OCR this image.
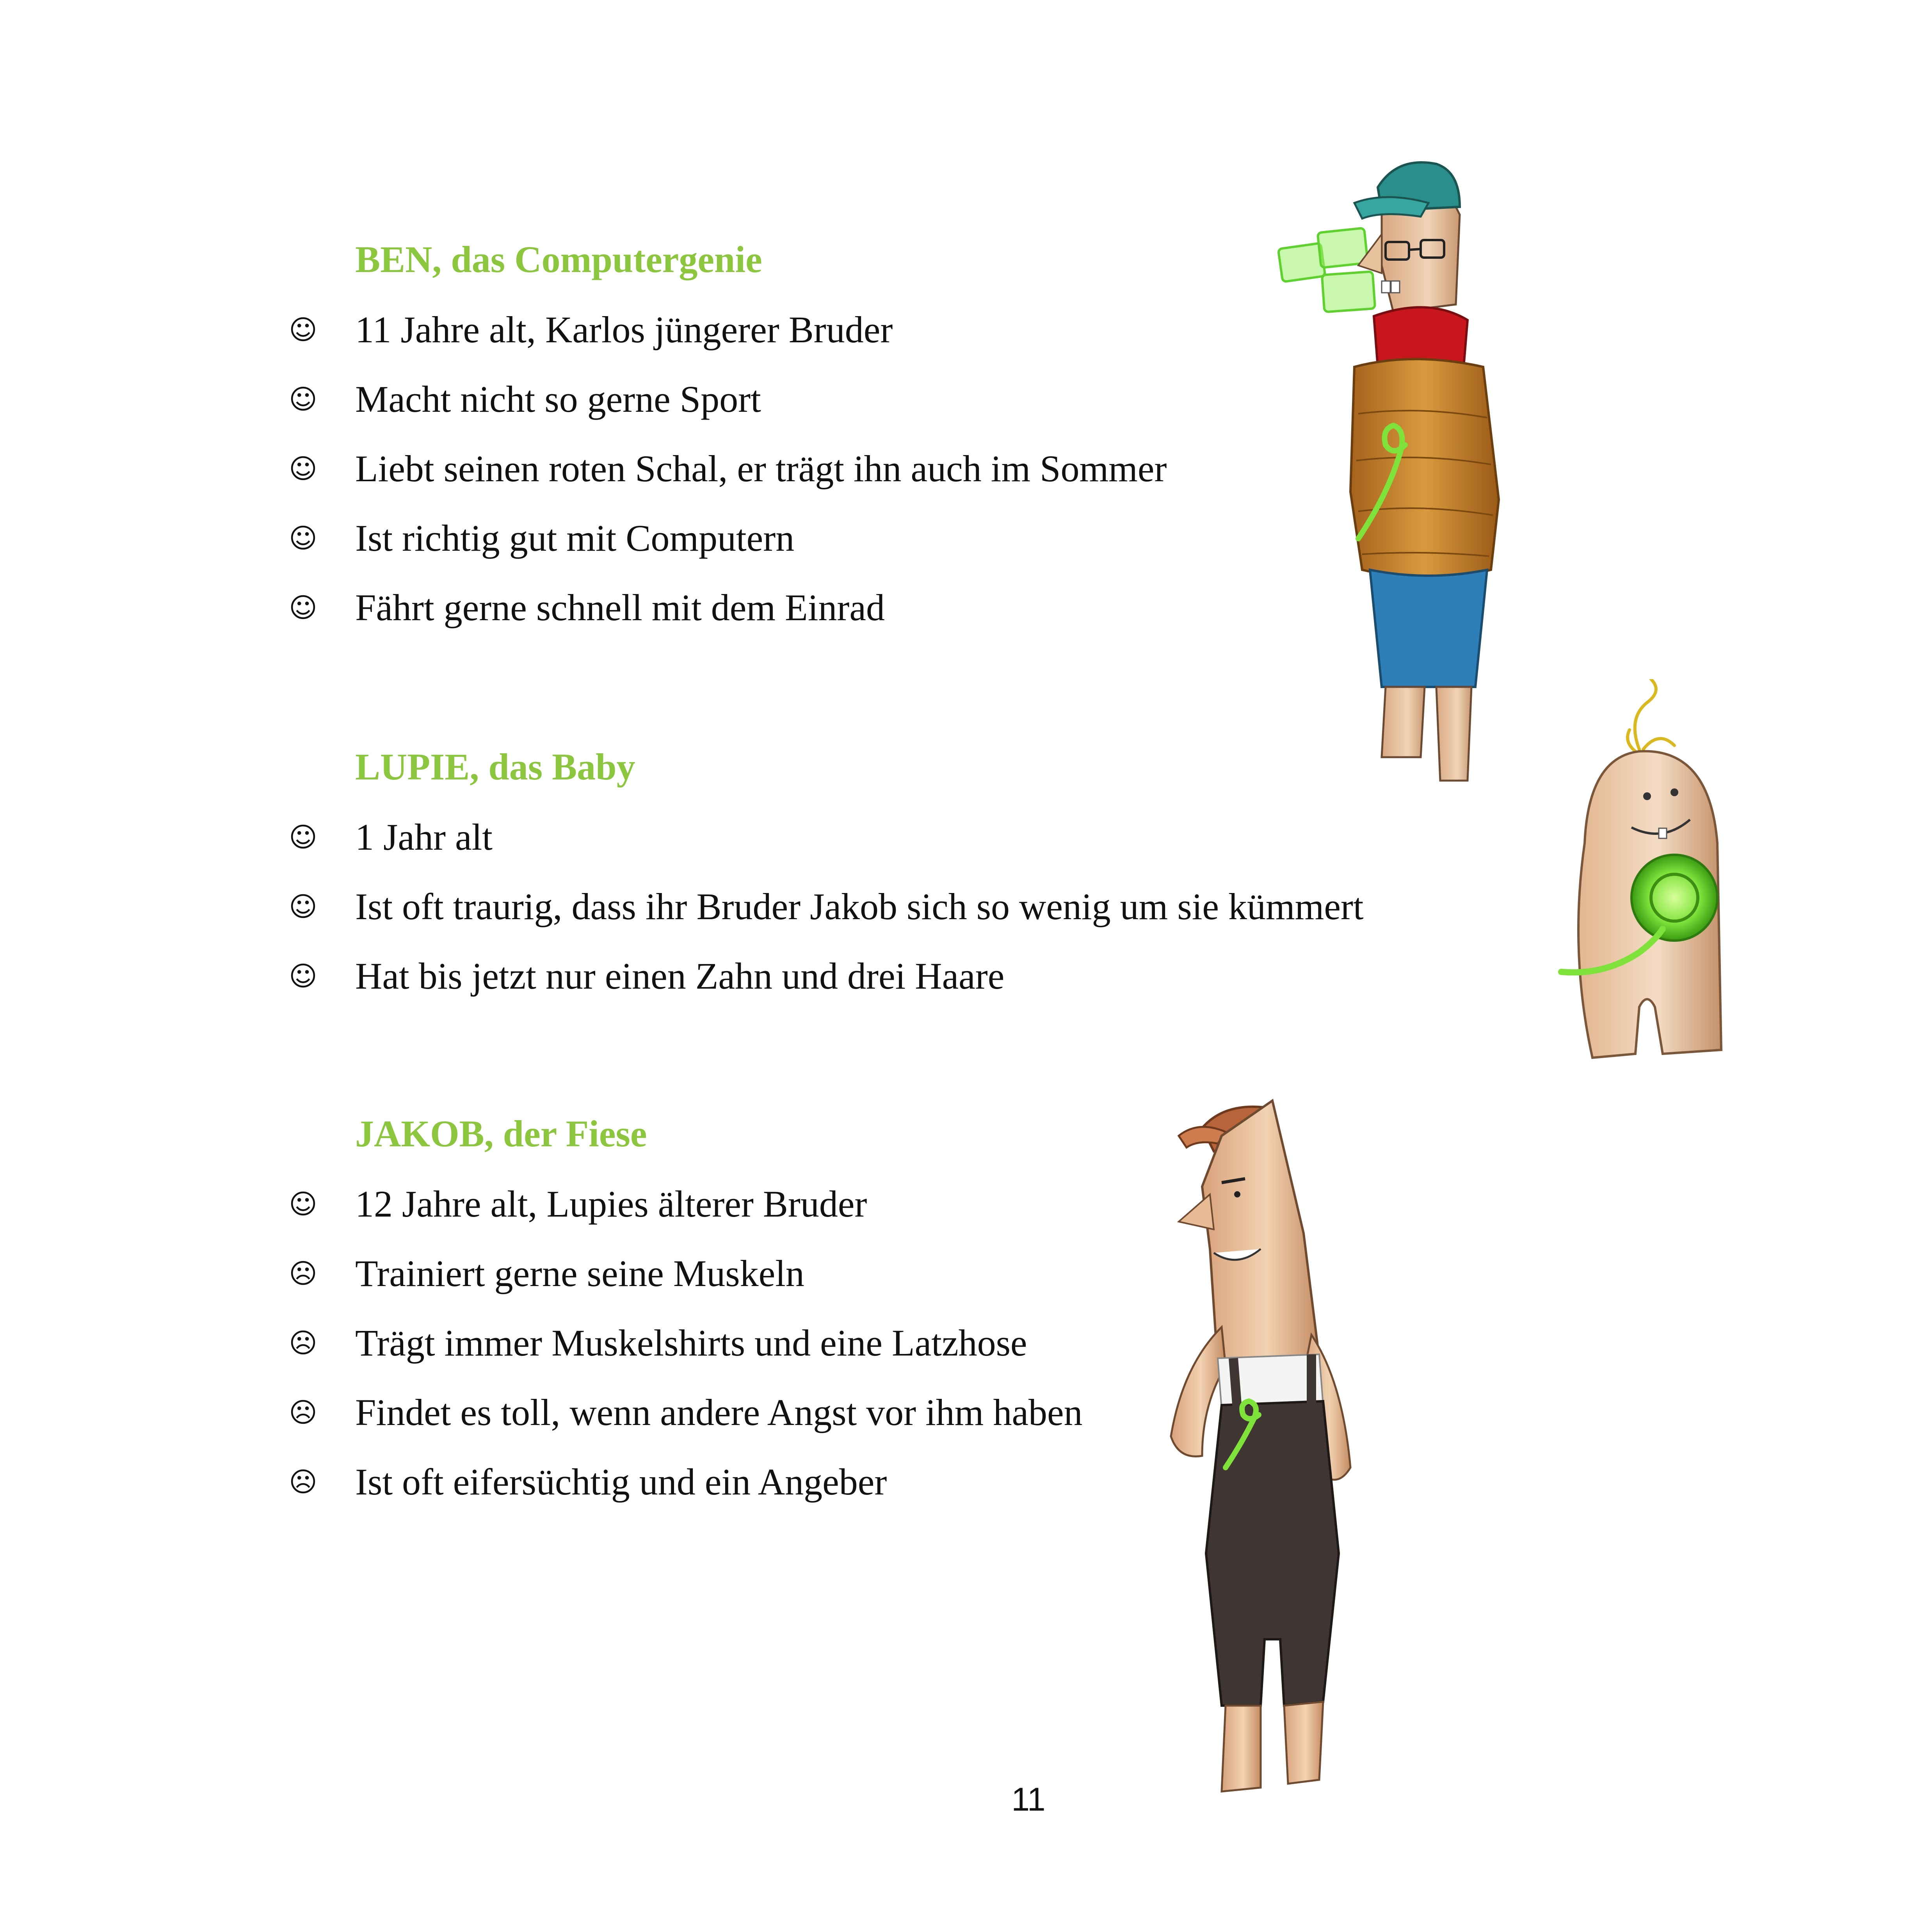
BEN, das Computergenie
☺	11 Jahre alt, Karlos jüngerer Bruder
☺	Macht nicht so gerne Sport
☺	Liebt seinen roten Schal, er trägt ihn auch im Sommer
☺	Ist richtig gut mit Computern
☺	Fährt gerne schnell mit dem Einrad
LUPIE, das Baby
☺	1 Jahr alt
☺	Ist oft traurig, dass ihr Bruder Jakob sich so wenig um sie kümmert
☺	Hat bis jetzt nur einen Zahn und drei Haare
JAKOB, der Fiese
☺	12 Jahre alt, Lupies älterer Bruder
☹	Trainiert gerne seine Muskeln
☹	Trägt immer Muskelshirts und eine Latzhose
☹	Findet es toll, wenn andere Angst vor ihm haben
☹	Ist oft eifersüchtig und ein Angeber
11
